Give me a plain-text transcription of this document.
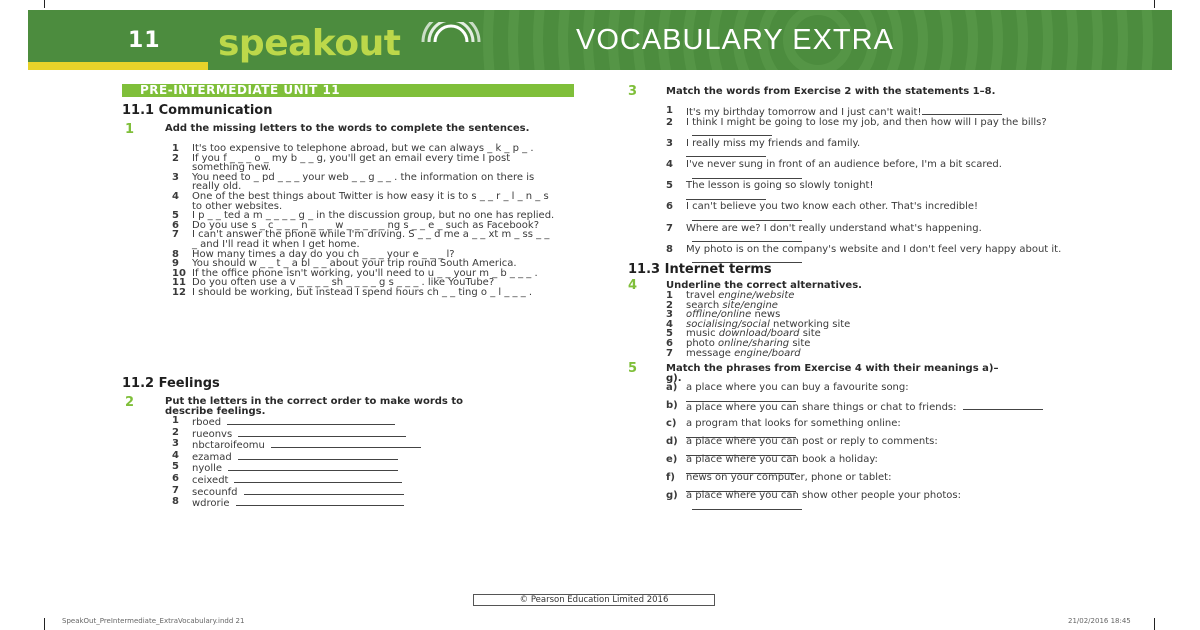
11 speakout	VOCABULARY EXTRA
PRE-INTERMEDIATE UNIT 11
11.1 Communication
1	Add the missing letters to the words to complete the sentences.
1 It's too expensive to telephone abroad, but we can always _ k _ p _ .
2 If you f _ _ _ o _ my b _ _ g, you'll get an email every time I post something new.
3 You need to _ pd _ _ _ your web _ _ g _ _ . the information on there is really old.
4 One of the best things about Twitter is how easy it is to s _ _ r _ l _ n _ s to other websites.
5 I p _ _ ted a m _ _ _ _ g _ in the discussion group, but no one has replied.
6 Do you use s _ c _ _ _ n _ _ _ w _ _ _ _ _ ng s _ _ e _ such as Facebook?
7 I can't answer the phone while I'm driving. S _ _ d me a _ _ xt m _ ss _ _ _ and I'll read it when I get home.
8 How many times a day do you ch _ _ _ your e _ _ _ l?
9 You should w _ _ t _ a bl _ _ about your trip round South America.
10 If the office phone isn't working, you'll need to u _ _ your m _ b _ _ _ .
11 Do you often use a v _ _ _ _ sh _ _ _ _ g s _ _ _ . like YouTube?
12 I should be working, but instead I spend hours ch _ _ ting o _ l _ _ _ .
11.2 Feelings
2	Put the letters in the correct order to make words to describe feelings.
1 rboed
2 rueonvs
3 nbctaroifeomu
4 ezamad
5 nyolle
6 ceixedt
7 secounfd
8 wdrorie
3	Match the words from Exercise 2 with the statements 1–8.
1 It's my birthday tomorrow and I just can't wait!
2 I think I might be going to lose my job, and then how will I pay the bills?
3 I really miss my friends and family.

4 I've never sung in front of an audience before, I'm a bit scared.
5 The lesson is going so slowly tonight!

6 I can't believe you two know each other. That's incredible!
7 Where are we? I don't really understand what's happening.
8 My photo is on the company's website and I don't feel very happy about it.
11.3 Internet terms
4	Underline the correct alternatives.
1 travel engine/website
2 search site/engine
3 offline/online news
4 socialising/social networking site
5 music download/board site
6 photo online/sharing site
7 message engine/board
5	Match the phrases from Exercise 4 with their meanings a)–g).
a) a place where you can buy a favourite song:

b) a place where you can share things or chat to friends:
c) a program that looks for something online:

d) a place where you can post or reply to comments:

e) a place where you can book a holiday:

f) news on your computer, phone or tablet:

g) a place where you can show other people your photos:
© Pearson Education Limited 2016
SpeakOut_PreIntermediate_ExtraVocabulary.indd 21	21/02/2016 18:45
